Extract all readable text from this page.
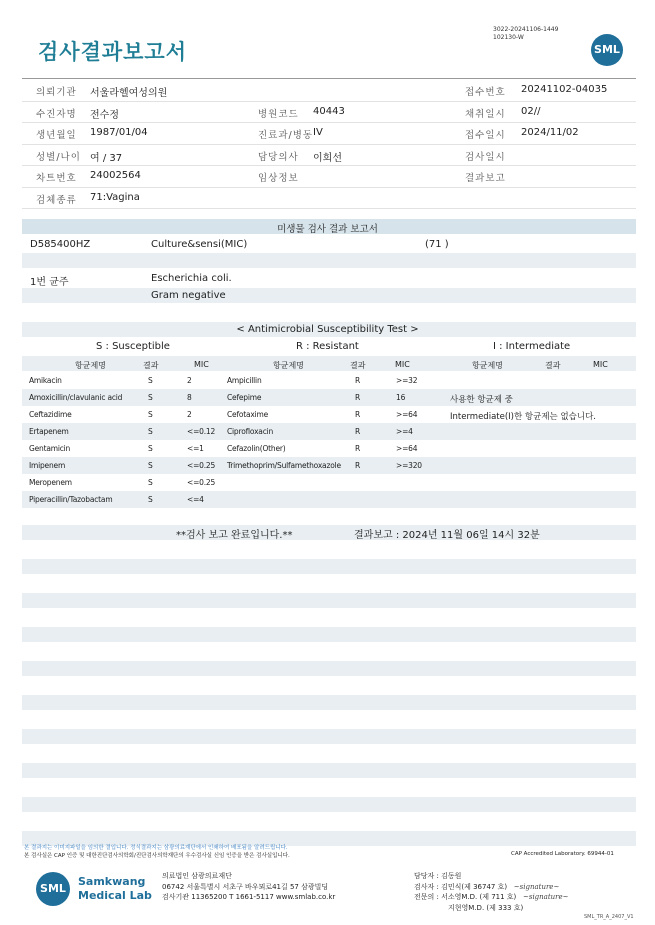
검사결과보고서
3022-20241106-1449
102130-W
SML
의뢰기관 서울라헬여성의원	접수번호 20241102-04035
수진자명 전수정	병원코드 40443	채취일시 02//
생년월일 1987/01/04	진료과/병동 IV	접수일시 2024/11/02
성별/나이 여 / 37	담당의사 이희선	검사일시
차트번호 24002564	임상정보	결과보고
검체종류 71:Vagina
미생물 검사 결과 보고서
D585400HZ	Culture&sensi(MIC)	(71 )
1번 균주	Escherichia coli.
Gram negative
< Antimicrobial Susceptibility Test >
S : Susceptible	R : Resistant	I : Intermediate
항균제명	결과	MIC	항균제명	결과	MIC	항균제명	결과	MIC
Amikacin	S	2	Ampicillin	R	>=32
Amoxicillin/clavulanic acid	S	8	Cefepime	R	16	사용한 항균제 중
Ceftazidime	S	2	Cefotaxime	R	>=64	Intermediate(I)한 항균제는 없습니다.
Ertapenem	S	<=0.12 Ciprofloxacin	R	>=4
Gentamicin	S	<=1	Cefazolin(Other)	R	>=64
Imipenem	S	<=0.25 Trimethoprim/Sulfamethoxazole R	>=320
Meropenem	S	<=0.25
Piperacillin/Tazobactam	S	<=4
**검사 보고 완료입니다.**	결과보고 : 2024년 11월 06일 14시 32분
본 결과지는 이미지파일을 임의한 결입니다. 정식결과지는 삼광의료재단에서 인쇄하여 배포됨을 알려드립니다.
본 검사실은 CAP 인증 및 대한진단검사의학회/진단검사의학재단의 우수검사실 신임 인증을 받은 검사실입니다.	CAP Accredited Laboratory. 69944-01
SML
Samkwang
Medical Lab
의료법인 삼광의료재단
06742 서울특별시 서초구 바우뫼로41길 57 삼광빌딩
검사기관 11365200 T 1661-5117 www.smlab.co.kr
담당자 : 김동원
검사자 : 김민식(제 36747 호)   ~signature~
전문의 : 서소영M.D. (제 711 호)   ~signature~
지현영M.D. (제 333 호)
SML_TR_A_2407_V1
